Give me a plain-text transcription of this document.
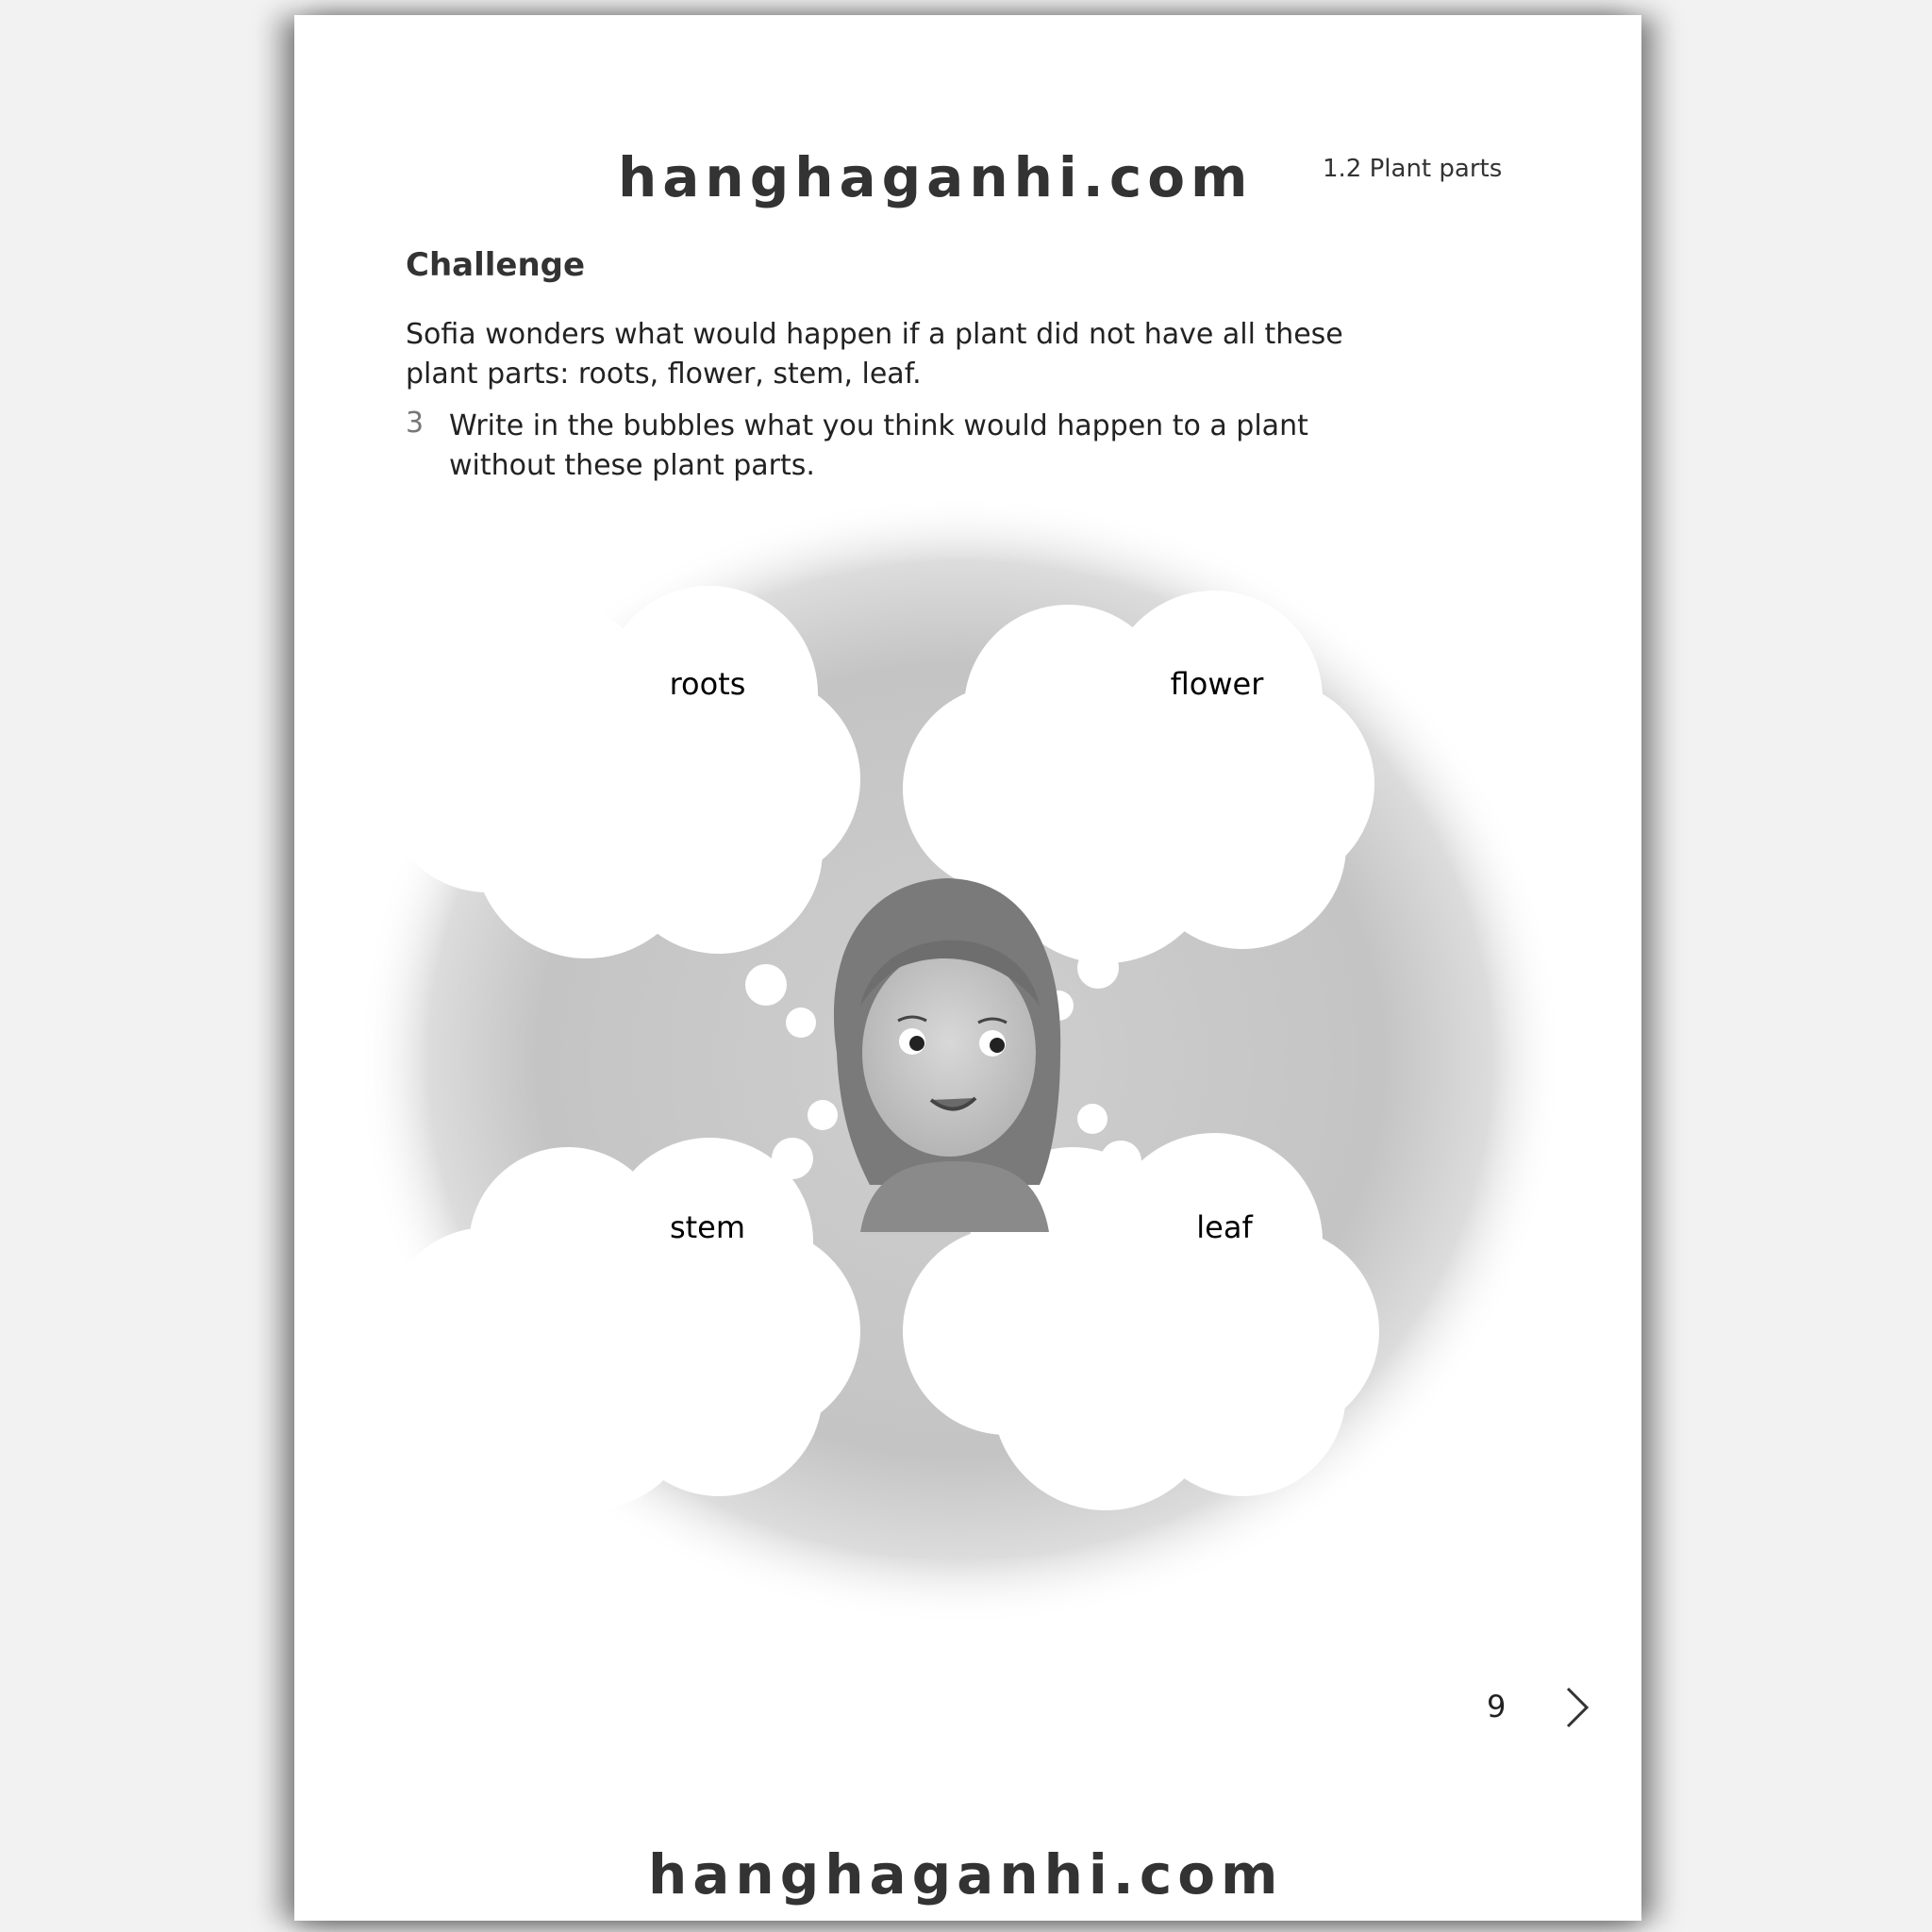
roots	flower
stem	leaf
hanghaganhi.com	1.2 Plant parts
Challenge
Sofia wonders what would happen if a plant did not have all these plant parts: roots, flower, stem, leaf.
3 Write in the bubbles what you think would happen to a plant without these plant parts.
9
hanghaganhi.com
